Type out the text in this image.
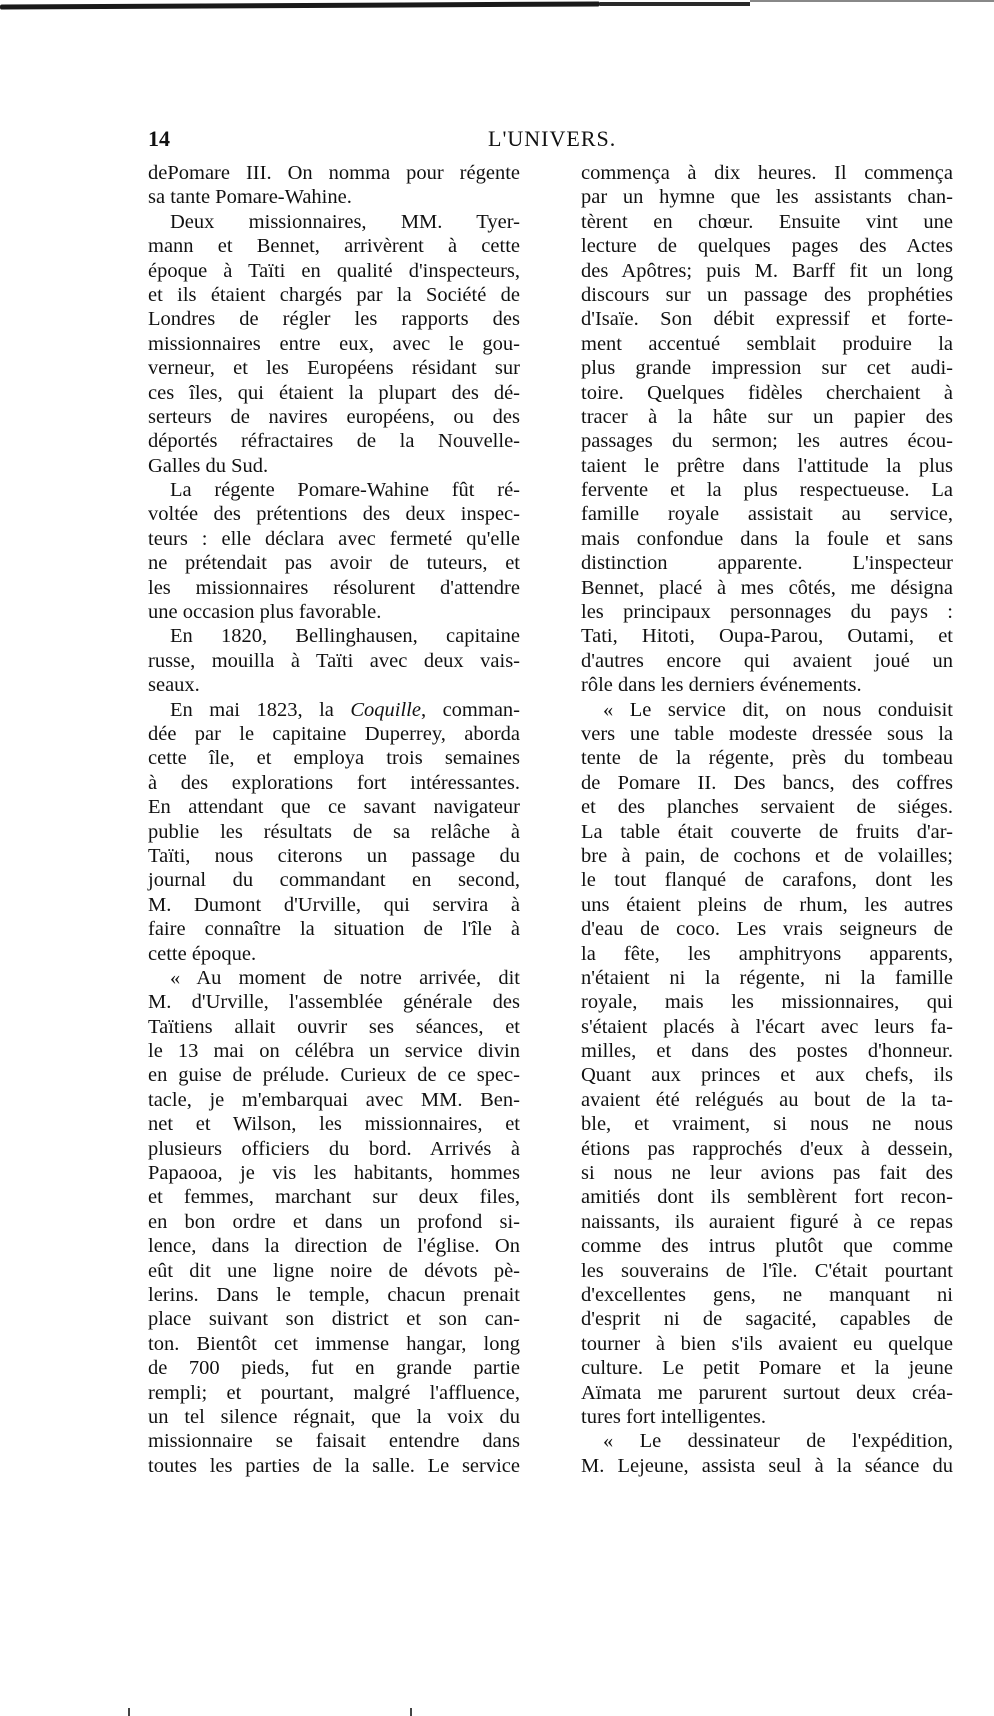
14	L'UNIVERS.
dePomare III. On nomma pour régente
sa tante Pomare-Wahine.
Deux missionnaires, MM. Tyer-
mann et Bennet, arrivèrent à cette
époque à Taïti en qualité d'inspecteurs,
et ils étaient chargés par la Société de
Londres de régler les rapports des
missionnaires entre eux, avec le gou-
verneur, et les Européens résidant sur
ces îles, qui étaient la plupart des dé-
serteurs de navires européens, ou des
déportés réfractaires de la Nouvelle-
Galles du Sud.
La régente Pomare-Wahine fût ré-
voltée des prétentions des deux inspec-
teurs : elle déclara avec fermeté qu'elle
ne prétendait pas avoir de tuteurs, et
les missionnaires résolurent d'attendre
une occasion plus favorable.
En 1820, Bellinghausen, capitaine
russe, mouilla à Taïti avec deux vais-
seaux.
En mai 1823, la Coquille, comman-
dée par le capitaine Duperrey, aborda
cette île, et employa trois semaines
à des explorations fort intéressantes.
En attendant que ce savant navigateur
publie les résultats de sa relâche à
Taïti, nous citerons un passage du
journal du commandant en second,
M. Dumont d'Urville, qui servira à
faire connaître la situation de l'île à
cette époque.
« Au moment de notre arrivée, dit
M. d'Urville, l'assemblée générale des
Taïtiens allait ouvrir ses séances, et
le 13 mai on célébra un service divin
en guise de prélude. Curieux de ce spec-
tacle, je m'embarquai avec MM. Ben-
net et Wilson, les missionnaires, et
plusieurs officiers du bord. Arrivés à
Papaooa, je vis les habitants, hommes
et femmes, marchant sur deux files,
en bon ordre et dans un profond si-
lence, dans la direction de l'église. On
eût dit une ligne noire de dévots pè-
lerins. Dans le temple, chacun prenait
place suivant son district et son can-
ton. Bientôt cet immense hangar, long
de 700 pieds, fut en grande partie
rempli; et pourtant, malgré l'affluence,
un tel silence régnait, que la voix du
missionnaire se faisait entendre dans
toutes les parties de la salle. Le service
commença à dix heures. Il commença
par un hymne que les assistants chan-
tèrent en chœur. Ensuite vint une
lecture de quelques pages des Actes
des Apôtres; puis M. Barff fit un long
discours sur un passage des prophéties
d'Isaïe. Son débit expressif et forte-
ment accentué semblait produire la
plus grande impression sur cet audi-
toire. Quelques fidèles cherchaient à
tracer à la hâte sur un papier des
passages du sermon; les autres écou-
taient le prêtre dans l'attitude la plus
fervente et la plus respectueuse. La
famille royale assistait au service,
mais confondue dans la foule et sans
distinction apparente. L'inspecteur
Bennet, placé à mes côtés, me désigna
les principaux personnages du pays :
Tati, Hitoti, Oupa-Parou, Outami, et
d'autres encore qui avaient joué un
rôle dans les derniers événements.
« Le service dit, on nous conduisit
vers une table modeste dressée sous la
tente de la régente, près du tombeau
de Pomare II. Des bancs, des coffres
et des planches servaient de siéges.
La table était couverte de fruits d'ar-
bre à pain, de cochons et de volailles;
le tout flanqué de carafons, dont les
uns étaient pleins de rhum, les autres
d'eau de coco. Les vrais seigneurs de
la fête, les amphitryons apparents,
n'étaient ni la régente, ni la famille
royale, mais les missionnaires, qui
s'étaient placés à l'écart avec leurs fa-
milles, et dans des postes d'honneur.
Quant aux princes et aux chefs, ils
avaient été relégués au bout de la ta-
ble, et vraiment, si nous ne nous
étions pas rapprochés d'eux à dessein,
si nous ne leur avions pas fait des
amitiés dont ils semblèrent fort recon-
naissants, ils auraient figuré à ce repas
comme des intrus plutôt que comme
les souverains de l'île. C'était pourtant
d'excellentes gens, ne manquant ni
d'esprit ni de sagacité, capables de
tourner à bien s'ils avaient eu quelque
culture. Le petit Pomare et la jeune
Aïmata me parurent surtout deux créa-
tures fort intelligentes.
« Le dessinateur de l'expédition,
M. Lejeune, assista seul à la séance du
